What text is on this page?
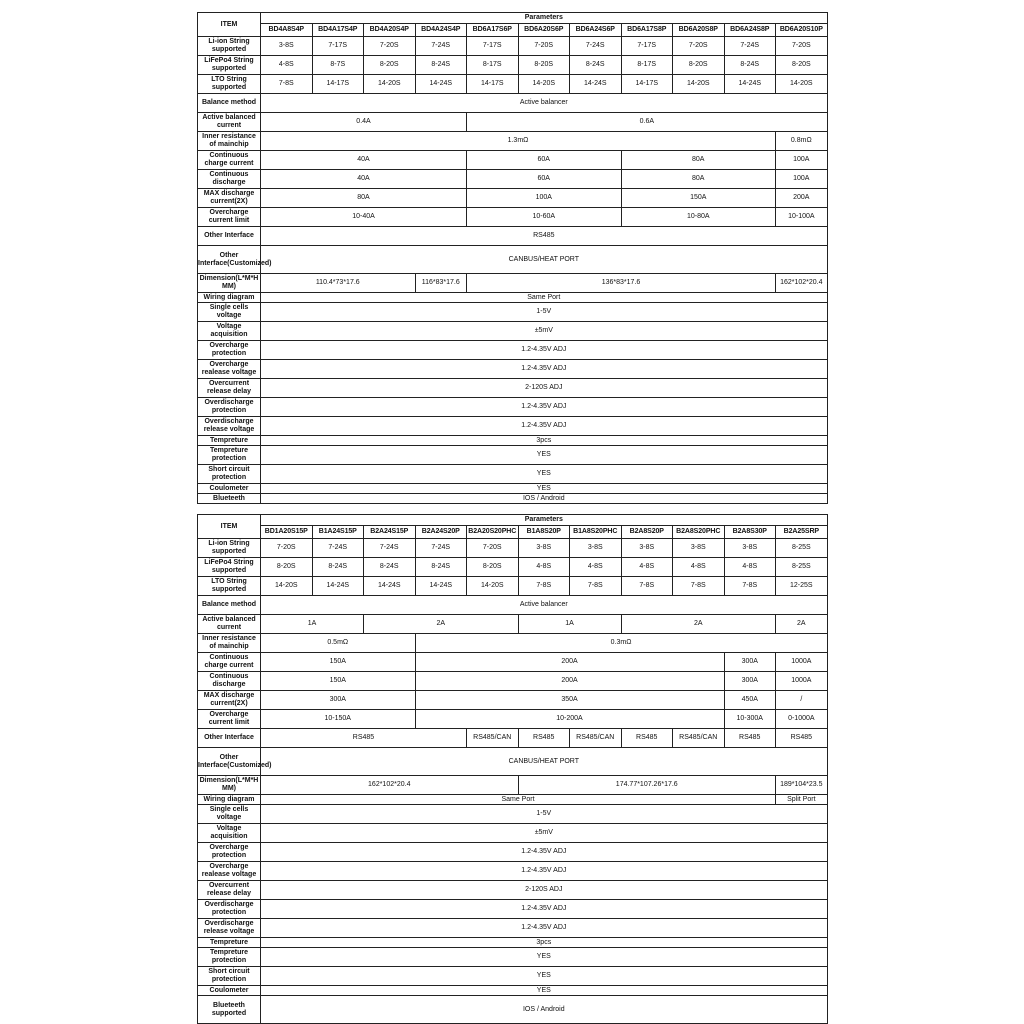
ITEM	Parameters										
	BD4A8S4P	BD4A17S4P	BD4A20S4P	BD4A24S4P	BD6A17S6P	BD6A20S6P	BD6A24S6P	BD6A17S8P	BD6A20S8P	BD6A24S8P	BD6A20S10P
Li-ion String supported	3-8S	7-17S	7-20S	7-24S	7-17S	7-20S	7-24S	7-17S	7-20S	7-24S	7-20S
LiFePo4 String supported	4-8S	8-7S	8-20S	8-24S	8-17S	8-20S	8-24S	8-17S	8-20S	8-24S	8-20S
LTO String supported	7-8S	14-17S	14-20S	14-24S	14-17S	14-20S	14-24S	14-17S	14-20S	14-24S	14-20S
Balance method	Active balancer										
Active balanced current	0.4A				0.6A						
Inner resistance of mainchip	1.3mΩ										0.8mΩ
Continuous charge current	40A				60A			80A			100A
Continuous discharge	40A				60A			80A			100A
MAX discharge current(2X)	80A				100A			150A			200A
Overcharge current limit	10-40A				10-60A			10-80A			10-100A
Other Interface	RS485										
Other Interface(Customized)	CANBUS/HEAT PORT										
Dimension(L*M*H MM)	110.4*73*17.6			116*83*17.6	136*83*17.6						162*102*20.4
Wiring diagram	Same Port										
Single cells voltage	1-5V										
Voltage acquisition	±5mV										
Overcharge protection	1.2-4.35V ADJ										
Overcharge realease voltage	1.2-4.35V ADJ										
Overcurrent release delay	2-120S ADJ										
Overdischarge protection	1.2-4.35V ADJ										
Overdischarge release voltage	1.2-4.35V ADJ										
Tempreture	3pcs										
Tempreture protection	YES										
Short circuit protection	YES										
Coulometer	YES										
Blueteeth	IOS / Android										
ITEM	Parameters										
	BD1A20S15P	B1A24S15P	B2A24S15P	B2A24S20P	B2A20S20PHC	B1A8S20P	B1A8S20PHC	B2A8S20P	B2A8S20PHC	B2A8S30P	B2A25SRP
Li-ion String supported	7-20S	7-24S	7-24S	7-24S	7-20S	3-8S	3-8S	3-8S	3-8S	3-8S	8-25S
LiFePo4 String supported	8-20S	8-24S	8-24S	8-24S	8-20S	4-8S	4-8S	4-8S	4-8S	4-8S	8-25S
LTO String supported	14-20S	14-24S	14-24S	14-24S	14-20S	7-8S	7-8S	7-8S	7-8S	7-8S	12-25S
Balance method	Active balancer										
Active balanced current	1A		2A			1A		2A			2A
Inner resistance of mainchip	0.5mΩ			0.3mΩ							
Continuous charge current	150A			200A						300A	1000A
Continuous discharge	150A			200A						300A	1000A
MAX discharge current(2X)	300A			350A						450A	/
Overcharge current limit	10-150A			10-200A						10-300A	0-1000A
Other Interface	RS485				RS485/CAN	RS485	RS485/CAN	RS485	RS485/CAN	RS485	RS485
Other Interface(Customized)	CANBUS/HEAT PORT										
Dimension(L*M*H MM)	162*102*20.4					174.77*107.26*17.6					189*104*23.5
Wiring diagram	Same Port										Split Port
Single cells voltage	1-5V										
Voltage acquisition	±5mV										
Overcharge protection	1.2-4.35V ADJ										
Overcharge realease voltage	1.2-4.35V ADJ										
Overcurrent release delay	2-120S ADJ										
Overdischarge protection	1.2-4.35V ADJ										
Overdischarge release voltage	1.2-4.35V ADJ										
Tempreture	3pcs										
Tempreture protection	YES										
Short circuit protection	YES										
Coulometer	YES										
Blueteeth supported	IOS / Android										
